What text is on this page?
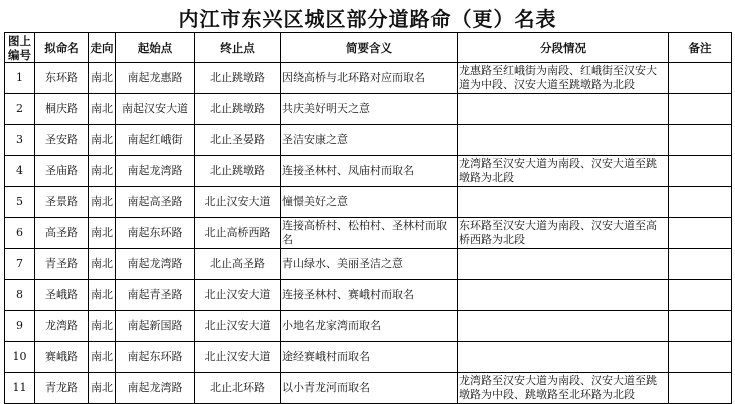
内江市东兴区城区部分道路命（更）名表
图上编号	拟命名	走向	起始点	终止点	简要含义	分段情况	备注
1	东环路	南北	南起龙惠路	北止跳墩路	因绕高桥与北环路对应而取名	龙惠路至红峨街为南段、红峨街至汉安大道为中段、汉安大道至跳墩路为北段	
2	桐庆路	南北	南起汉安大道	北止跳墩路	共庆美好明天之意		
3	圣安路	南北	南起红峨街	北止圣晏路	圣洁安康之意		
4	圣庙路	南北	南起龙湾路	北止跳墩路	连接圣林村、凤庙村而取名	龙湾路至汉安大道为南段、汉安大道至跳墩路为北段	
5	圣景路	南北	南起高圣路	北止汉安大道	憧憬美好之意		
6	高圣路	南北	南起东环路	北止高桥西路	连接高桥村、松柏村、圣林村而取名	东环路至汉安大道为南段、汉安大道至高桥西路为北段	
7	青圣路	南北	南起龙湾路	北止高圣路	青山绿水、美丽圣洁之意		
8	圣峨路	南北	南起青圣路	北止汉安大道	连接圣林村、赛峨村而取名		
9	龙湾路	南北	南起新国路	北止汉安大道	小地名龙家湾而取名		
10	赛峨路	南北	南起东环路	北止汉安大道	途经赛峨村而取名		
11	青龙路	南北	南起龙湾路	北止北环路	以小青龙河而取名	龙湾路至汉安大道为南段、汉安大道至跳墩路为中段、跳墩路至北环路为北段	
